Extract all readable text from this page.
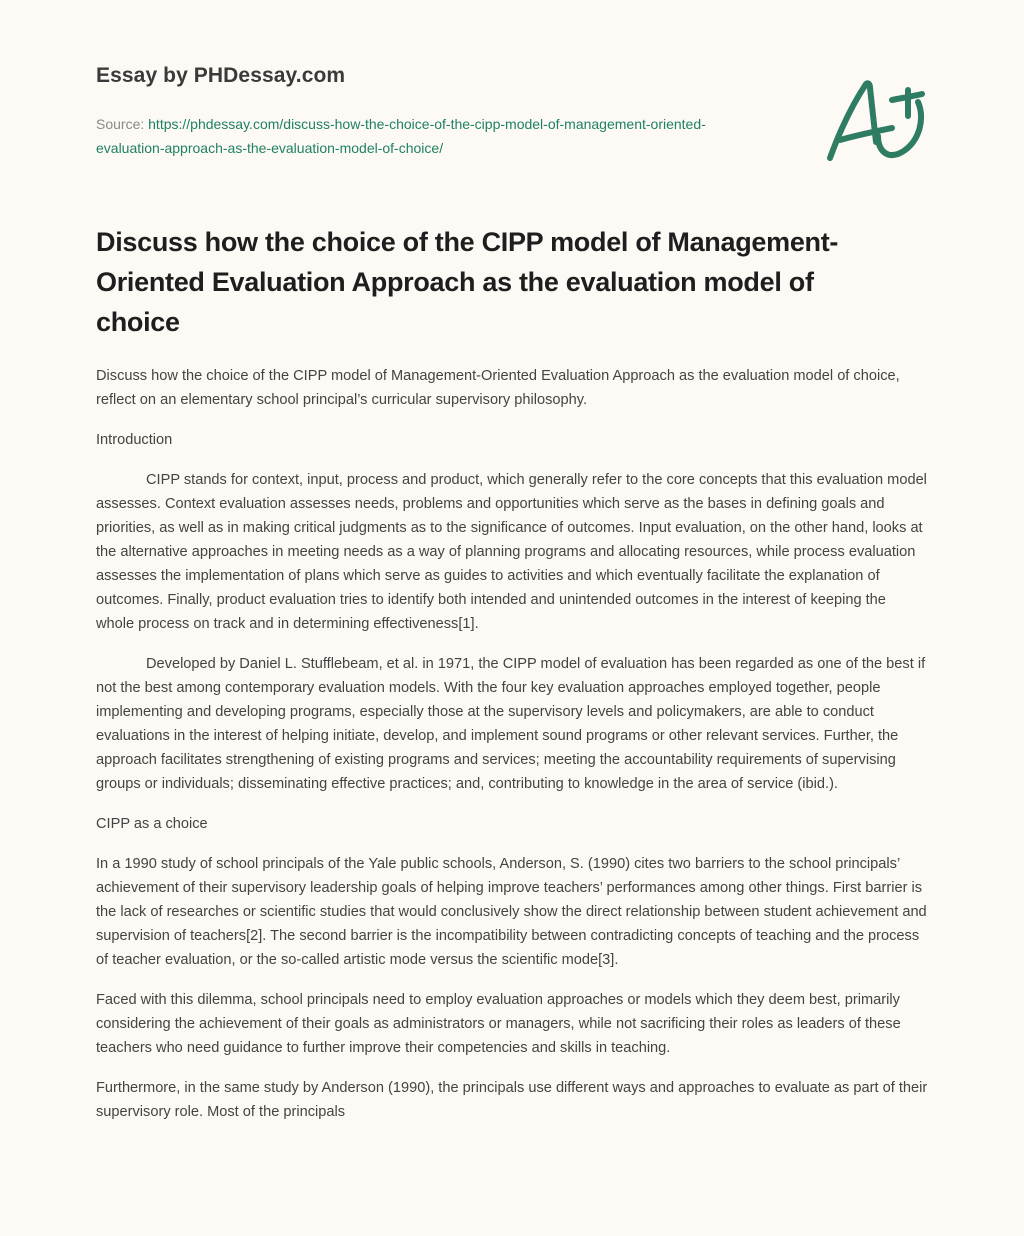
Essay by PHDessay.com
Source: https://phdessay.com/discuss-how-the-choice-of-the-cipp-model-of-management-oriented-evaluation-approach-as-the-evaluation-model-of-choice/
Discuss how the choice of the CIPP model of Management-Oriented Evaluation Approach as the evaluation model of choice

Discuss how the choice of the CIPP model of Management-Oriented Evaluation Approach as the evaluation model of choice, reflect on an elementary school principal’s curricular supervisory philosophy.

Introduction

CIPP stands for context, input, process and product, which generally refer to the core concepts that this evaluation model assesses. Context evaluation assesses needs, problems and opportunities which serve as the bases in defining goals and priorities, as well as in making critical judgments as to the significance of outcomes. Input evaluation, on the other hand, looks at the alternative approaches in meeting needs as a way of planning programs and allocating resources, while process evaluation assesses the implementation of plans which serve as guides to activities and which eventually facilitate the explanation of outcomes. Finally, product evaluation tries to identify both intended and unintended outcomes in the interest of keeping the whole process on track and in determining effectiveness[1].

Developed by Daniel L. Stufflebeam, et al. in 1971, the CIPP model of evaluation has been regarded as one of the best if not the best among contemporary evaluation models. With the four key evaluation approaches employed together, people implementing and developing programs, especially those at the supervisory levels and policymakers, are able to conduct evaluations in the interest of helping initiate, develop, and implement sound programs or other relevant services. Further, the approach facilitates strengthening of existing programs and services; meeting the accountability requirements of supervising groups or individuals; disseminating effective practices; and, contributing to knowledge in the area of service (ibid.).

CIPP as a choice

In a 1990 study of school principals of the Yale public schools, Anderson, S. (1990) cites two barriers to the school principals’ achievement of their supervisory leadership goals of helping improve teachers’ performances among other things. First barrier is the lack of researches or scientific studies that would conclusively show the direct relationship between student achievement and supervision of teachers[2]. The second barrier is the incompatibility between contradicting concepts of teaching and the process of teacher evaluation, or the so-called artistic mode versus the scientific mode[3].

Faced with this dilemma, school principals need to employ evaluation approaches or models which they deem best, primarily considering the achievement of their goals as administrators or managers, while not sacrificing their roles as leaders of these teachers who need guidance to further improve their competencies and skills in teaching.

Furthermore, in the same study by Anderson (1990), the principals use different ways and approaches to evaluate as part of their supervisory role. Most of the principals
